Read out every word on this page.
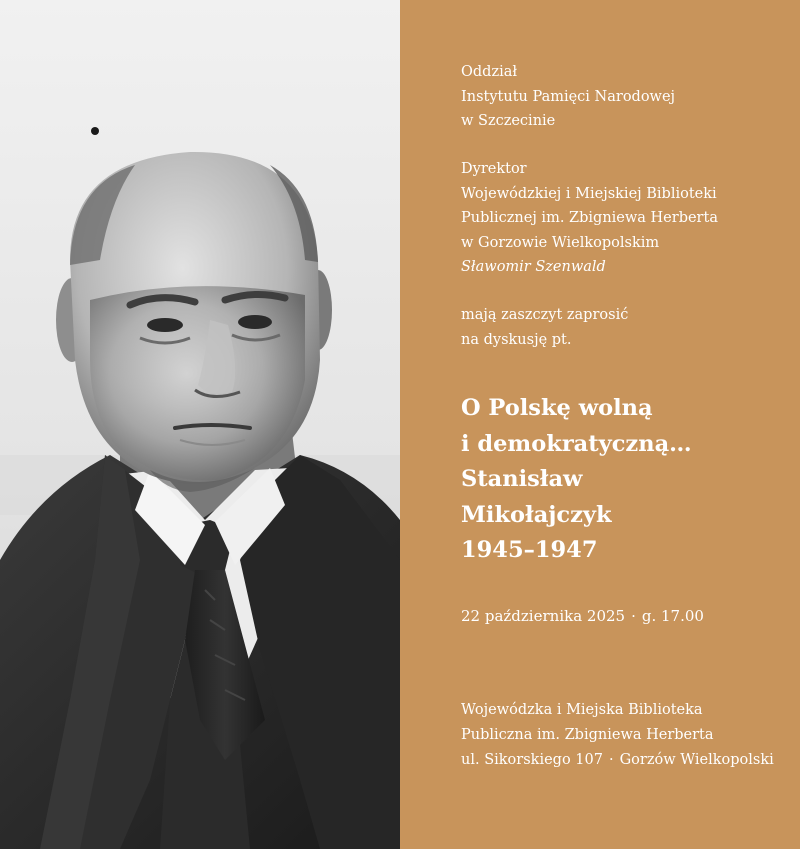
Oddział

Instytutu Pamięci Narodowej

w Szczecinie

Dyrektor

Wojewódzkiej i Miejskiej Biblioteki

Publicznej im. Zbigniewa Herberta

w Gorzowie Wielkopolskim

Sławomir Szenwald

mają zaszczyt zaprosić

na dyskusję pt.

O Polskę wolną

i demokratyczną…

Stanisław

Mikołajczyk

1945–1947

22 października 2025 · g. 17.00

Wojewódzka i Miejska Biblioteka

Publiczna im. Zbigniewa Herberta

ul. Sikorskiego 107 · Gorzów Wielkopolski
